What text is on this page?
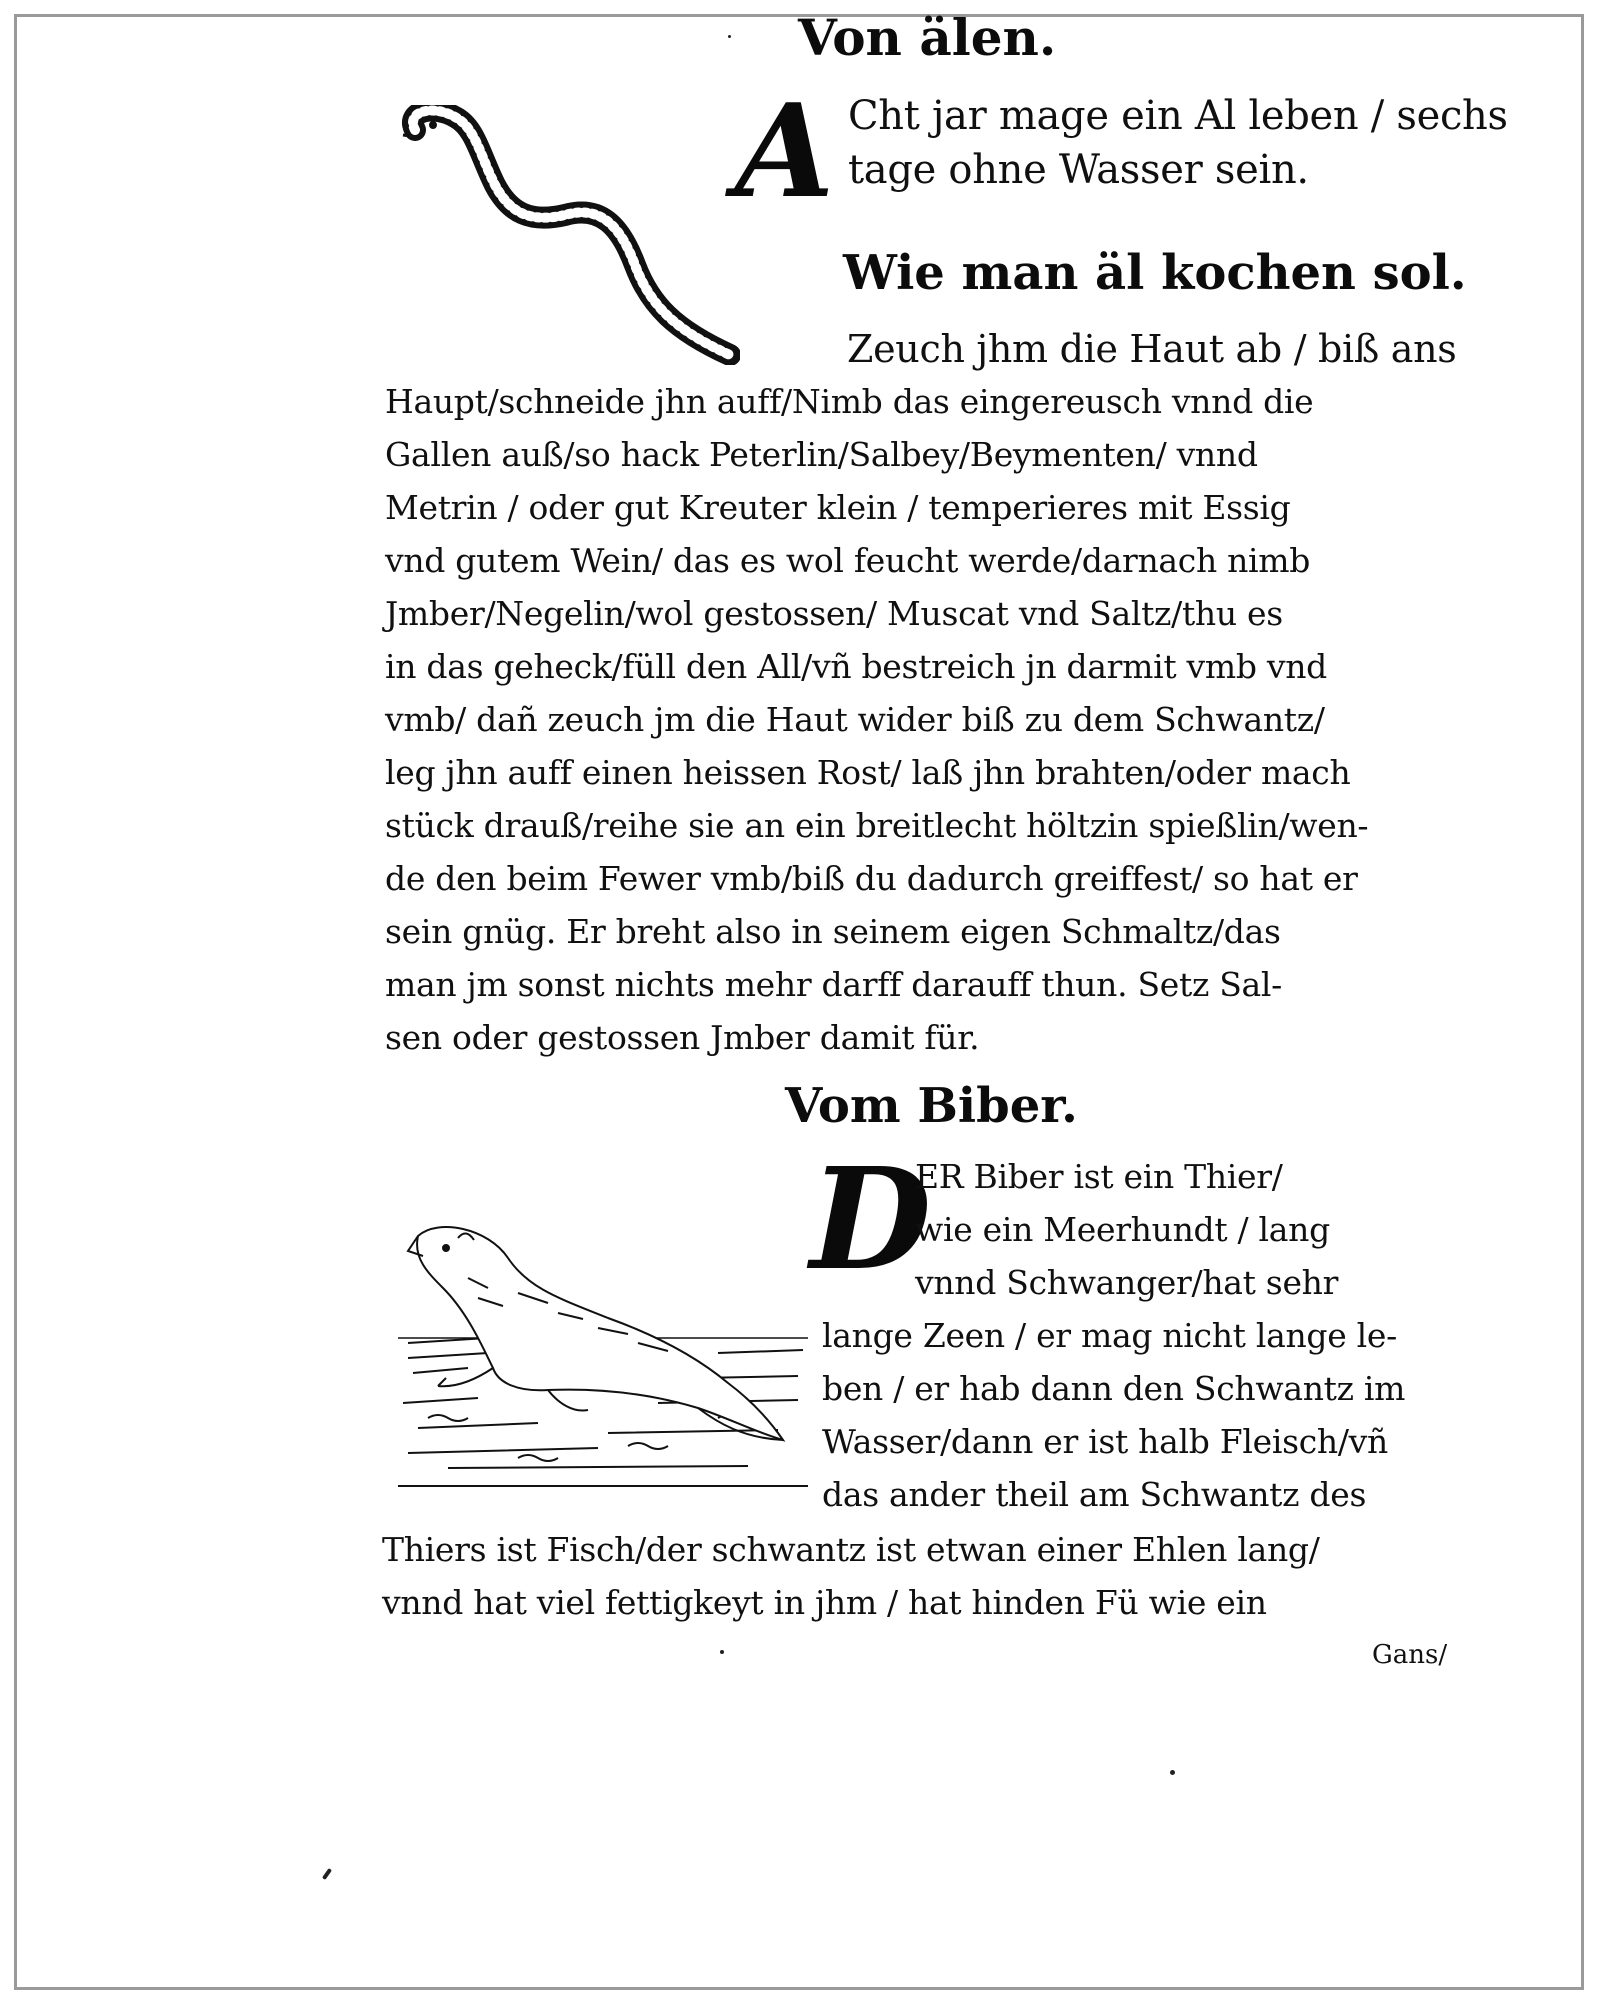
Von älen.
A Cht jar mage ein Al leben / sechs
tage ohne Wasser sein.
Wie man äl kochen sol.
Zeuch jhm die Haut ab / biß ans
Haupt/schneide jhn auff/Nimb das eingereusch vnnd die
Gallen auß/so hack Peterlin/Salbey/Beymenten/ vnnd
Metrin / oder gut Kreuter klein / temperieres mit Essig
vnd gutem Wein/ das es wol feucht werde/darnach nimb
Jmber/Negelin/wol gestossen/ Muscat vnd Saltz/thu es
in das geheck/füll den All/vñ bestreich jn darmit vmb vnd
vmb/ dañ zeuch jm die Haut wider biß zu dem Schwantz/
leg jhn auff einen heissen Rost/ laß jhn brahten/oder mach
stück drauß/reihe sie an ein breitlecht höltzin spießlin/wen-
de den beim Fewer vmb/biß du dadurch greiffest/ so hat er
sein gnüg. Er breht also in seinem eigen Schmaltz/das
man jm sonst nichts mehr darff darauff thun. Setz Sal-
sen oder gestossen Jmber damit für.
Vom Biber.
D
ER Biber ist ein Thier/
wie ein Meerhundt / lang
vnnd Schwanger/hat sehr
lange Zeen / er mag nicht lange le-
ben / er hab dann den Schwantz im
Wasser/dann er ist halb Fleisch/vñ
das ander theil am Schwantz des
Thiers ist Fisch/der schwantz ist etwan einer Ehlen lang/
vnnd hat viel fettigkeyt in jhm / hat hinden Fü wie ein
Gans/
